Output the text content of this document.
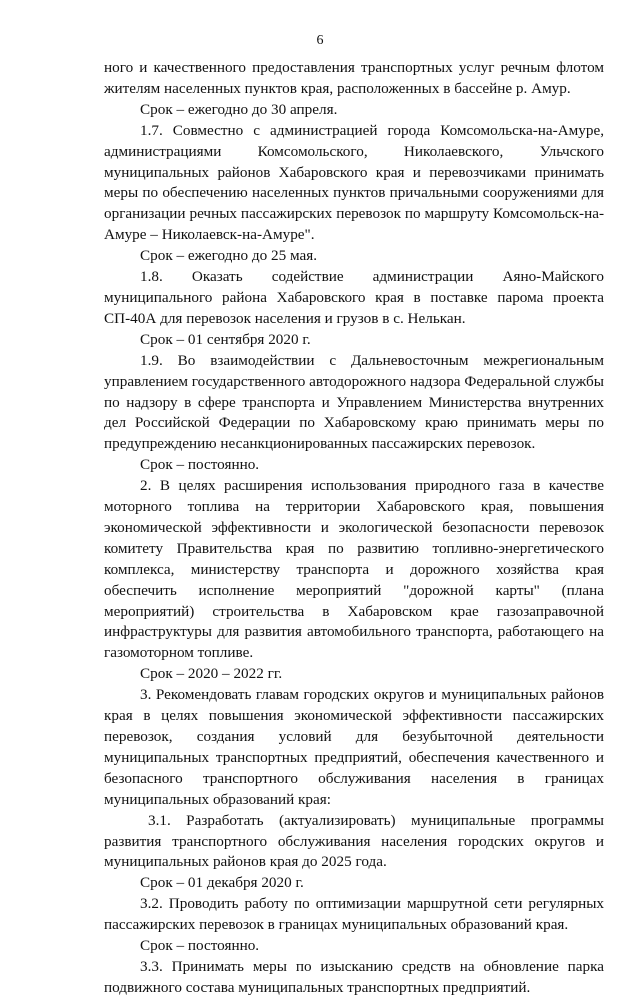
6

ного и качественного предоставления транспортных услуг речным флотом жителям населенных пунктов края, расположенных в бассейне р. Амур.

Срок – ежегодно до 30 апреля.

1.7. Совместно с администрацией города Комсомольска-на-Амуре, администрациями Комсомольского, Николаевского, Ульчского муниципальных районов Хабаровского края и перевозчиками принимать меры по обеспечению населенных пунктов причальными сооружениями для организации речных пассажирских перевозок по маршруту Комсомольск-на-Амуре – Николаевск-на-Амуре".

Срок – ежегодно до 25 мая.

1.8. Оказать содействие администрации Аяно-Майского муниципального района Хабаровского края в поставке парома проекта СП-40А для перевозок населения и грузов в с. Нелькан.

Срок – 01 сентября 2020 г.

1.9. Во взаимодействии с Дальневосточным межрегиональным управлением государственного автодорожного надзора Федеральной службы по надзору в сфере транспорта и Управлением Министерства внутренних дел Российской Федерации по Хабаровскому краю принимать меры по предупреждению несанкционированных пассажирских перевозок.

Срок – постоянно.

2. В целях расширения использования природного газа в качестве моторного топлива на территории Хабаровского края, повышения экономической эффективности и экологической безопасности перевозок комитету Правительства края по развитию топливно-энергетического комплекса, министерству транспорта и дорожного хозяйства края обеспечить исполнение мероприятий "дорожной карты" (плана мероприятий) строительства в Хабаровском крае газозаправочной инфраструктуры для развития автомобильного транспорта, работающего на газомоторном топливе.

Срок – 2020 – 2022 гг.

3. Рекомендовать главам городских округов и муниципальных районов края в целях повышения экономической эффективности пассажирских перевозок, создания условий для безубыточной деятельности муниципальных транспортных предприятий, обеспечения качественного и безопасного транспортного обслуживания населения в границах муниципальных образований края:

3.1. Разработать (актуализировать) муниципальные программы развития транспортного обслуживания населения городских округов и муниципальных районов края до 2025 года.

Срок – 01 декабря 2020 г.

3.2. Проводить работу по оптимизации маршрутной сети регулярных пассажирских перевозок в границах муниципальных образований края.

Срок – постоянно.

3.3. Принимать меры по изысканию средств на обновление парка подвижного состава муниципальных транспортных предприятий.
